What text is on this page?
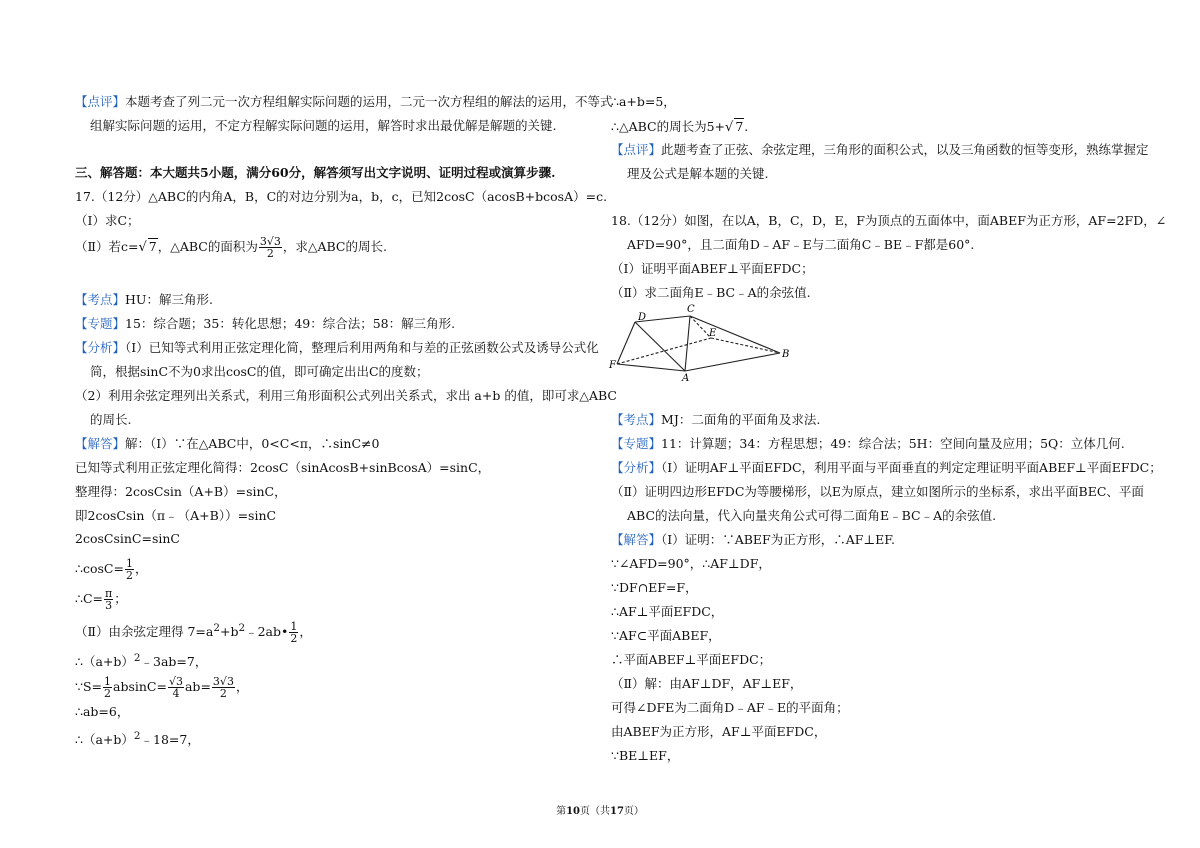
【点评】本题考查了列二元一次方程组解实际问题的运用，二元一次方程组的解法的运用，不等式
组解实际问题的运用，不定方程解实际问题的运用，解答时求出最优解是解题的关键.
三、解答题：本大题共5小题，满分60分，解答须写出文字说明、证明过程或演算步骤.
17.（12分）△ABC的内角A，B，C的对边分别为a，b，c，已知2cosC（acosB+bcosA）=c.
（Ⅰ）求C；
（Ⅱ）若c=√ 7，△ABC的面积为 $\frac{3√3}{2}$ ，求△ABC的周长.
【考点】HU：解三角形.
【专题】15：综合题；35：转化思想；49：综合法；58：解三角形.
【分析】（Ⅰ）已知等式利用正弦定理化简，整理后利用两角和与差的正弦函数公式及诱导公式化
简，根据sinC不为0求出cosC的值，即可确定出出C的度数；
（2）利用余弦定理列出关系式，利用三角形面积公式列出关系式，求出 a+b 的值，即可求△ABC
的周长.
【解答】解：（Ⅰ）∵在△ABC中，0<C<π，∴sinC≠0
已知等式利用正弦定理化简得：2cosC（sinAcosB+sinBcosA）=sinC，
整理得：2cosCsin（A+B）=sinC，
即2cosCsin（π﹣（A+B））=sinC
2cosCsinC=sinC
∴cosC= $\frac{1}{2}$ ，
∴C= $\frac{\pi}{3}$ ；
（Ⅱ）由余弦定理得 $7=a^2+b^2﹣2ab• \frac{1}{2}$ ，
$\therefore(a+b)^2﹣3ab=7$，
∵S= $\frac{1}{2} absinC= \frac{√3}{4} ab= \frac{3√3}{2}$ ，
∴ab=6，
$\therefore(a+b)^2﹣18=7$，
∴a+b=5，
∴△ABC的周长为5+√ 7.
【点评】此题考查了正弦、余弦定理，三角形的面积公式，以及三角函数的恒等变形，熟练掌握定
理及公式是解本题的关键.
18.（12分）如图，在以A，B，C，D，E，F为顶点的五面体中，面ABEF为正方形，AF=2FD，∠
AFD=90°，且二面角D﹣AF﹣E与二面角C﹣BE﹣F都是60°.
（Ⅰ）证明平面ABEF⊥平面EFDC；
（Ⅱ）求二面角E﹣BC﹣A的余弦值.
D
C
E
B
F
A
【考点】MJ：二面角的平面角及求法.
【专题】11：计算题；34：方程思想；49：综合法；5H：空间向量及应用；5Q：立体几何.
【分析】（Ⅰ）证明AF⊥平面EFDC，利用平面与平面垂直的判定定理证明平面ABEF⊥平面EFDC；
（Ⅱ）证明四边形EFDC为等腰梯形，以E为原点，建立如图所示的坐标系，求出平面BEC、平面
ABC的法向量，代入向量夹角公式可得二面角E﹣BC﹣A的余弦值.
【解答】（Ⅰ）证明：∵ABEF为正方形，∴AF⊥EF.
∵∠AFD=90°，∴AF⊥DF，
∵DF∩EF=F，
∴AF⊥平面EFDC，
∵AF⊂平面ABEF，
∴平面ABEF⊥平面EFDC；
（Ⅱ）解：由AF⊥DF，AF⊥EF，
可得∠DFE为二面角D﹣AF﹣E的平面角；
由ABEF为正方形，AF⊥平面EFDC，
∵BE⊥EF，
第10页（共17页）
